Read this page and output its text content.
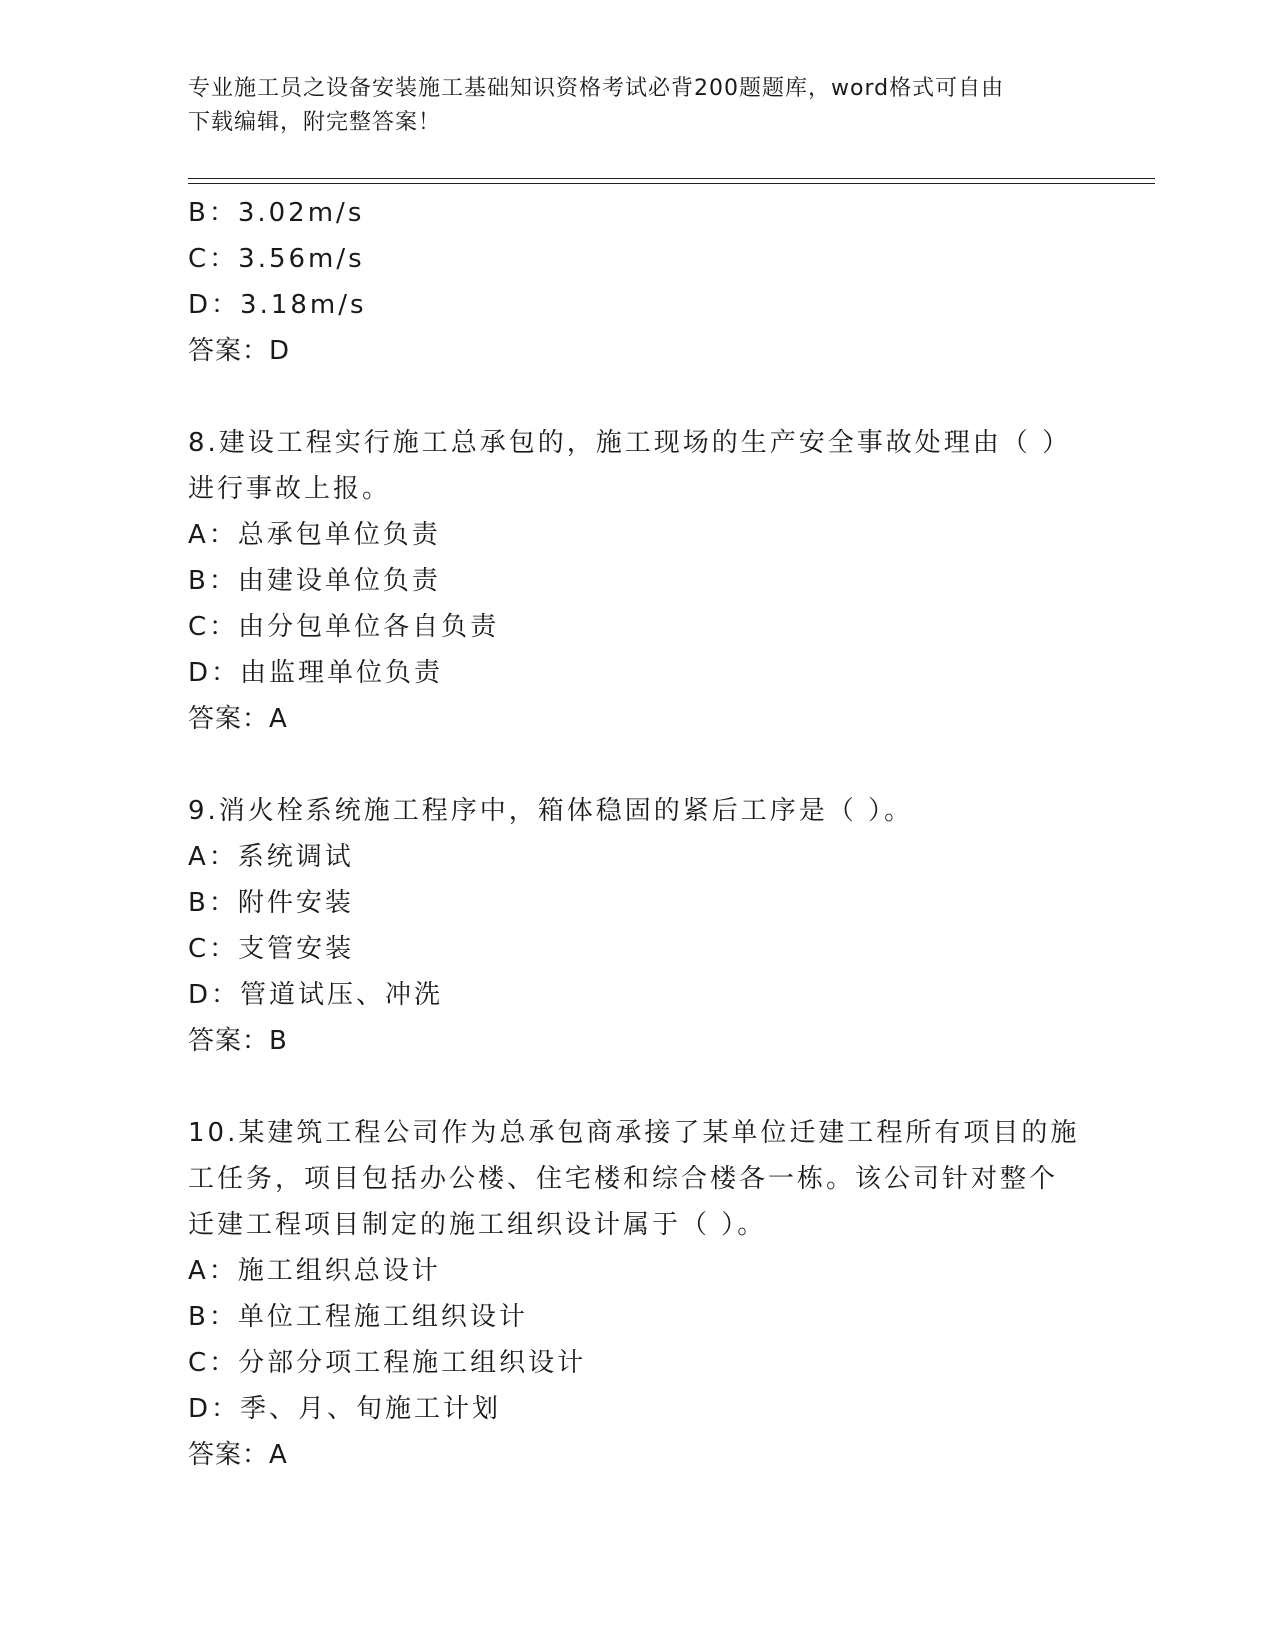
专业施工员之设备安装施工基础知识资格考试必背200题题库，word格式可自由
下载编辑，附完整答案！
B：3.02m/s
C：3.56m/s
D：3.18m/s
答案：D
8.建设工程实行施工总承包的，施工现场的生产安全事故处理由（ ）
进行事故上报。
A：总承包单位负责
B：由建设单位负责
C：由分包单位各自负责
D：由监理单位负责
答案：A
9.消火栓系统施工程序中，箱体稳固的紧后工序是（ ）。
A：系统调试
B：附件安装
C：支管安装
D：管道试压、冲洗
答案：B
10.某建筑工程公司作为总承包商承接了某单位迁建工程所有项目的施
工任务，项目包括办公楼、住宅楼和综合楼各一栋。该公司针对整个
迁建工程项目制定的施工组织设计属于（ ）。
A：施工组织总设计
B：单位工程施工组织设计
C：分部分项工程施工组织设计
D：季、月、旬施工计划
答案：A
